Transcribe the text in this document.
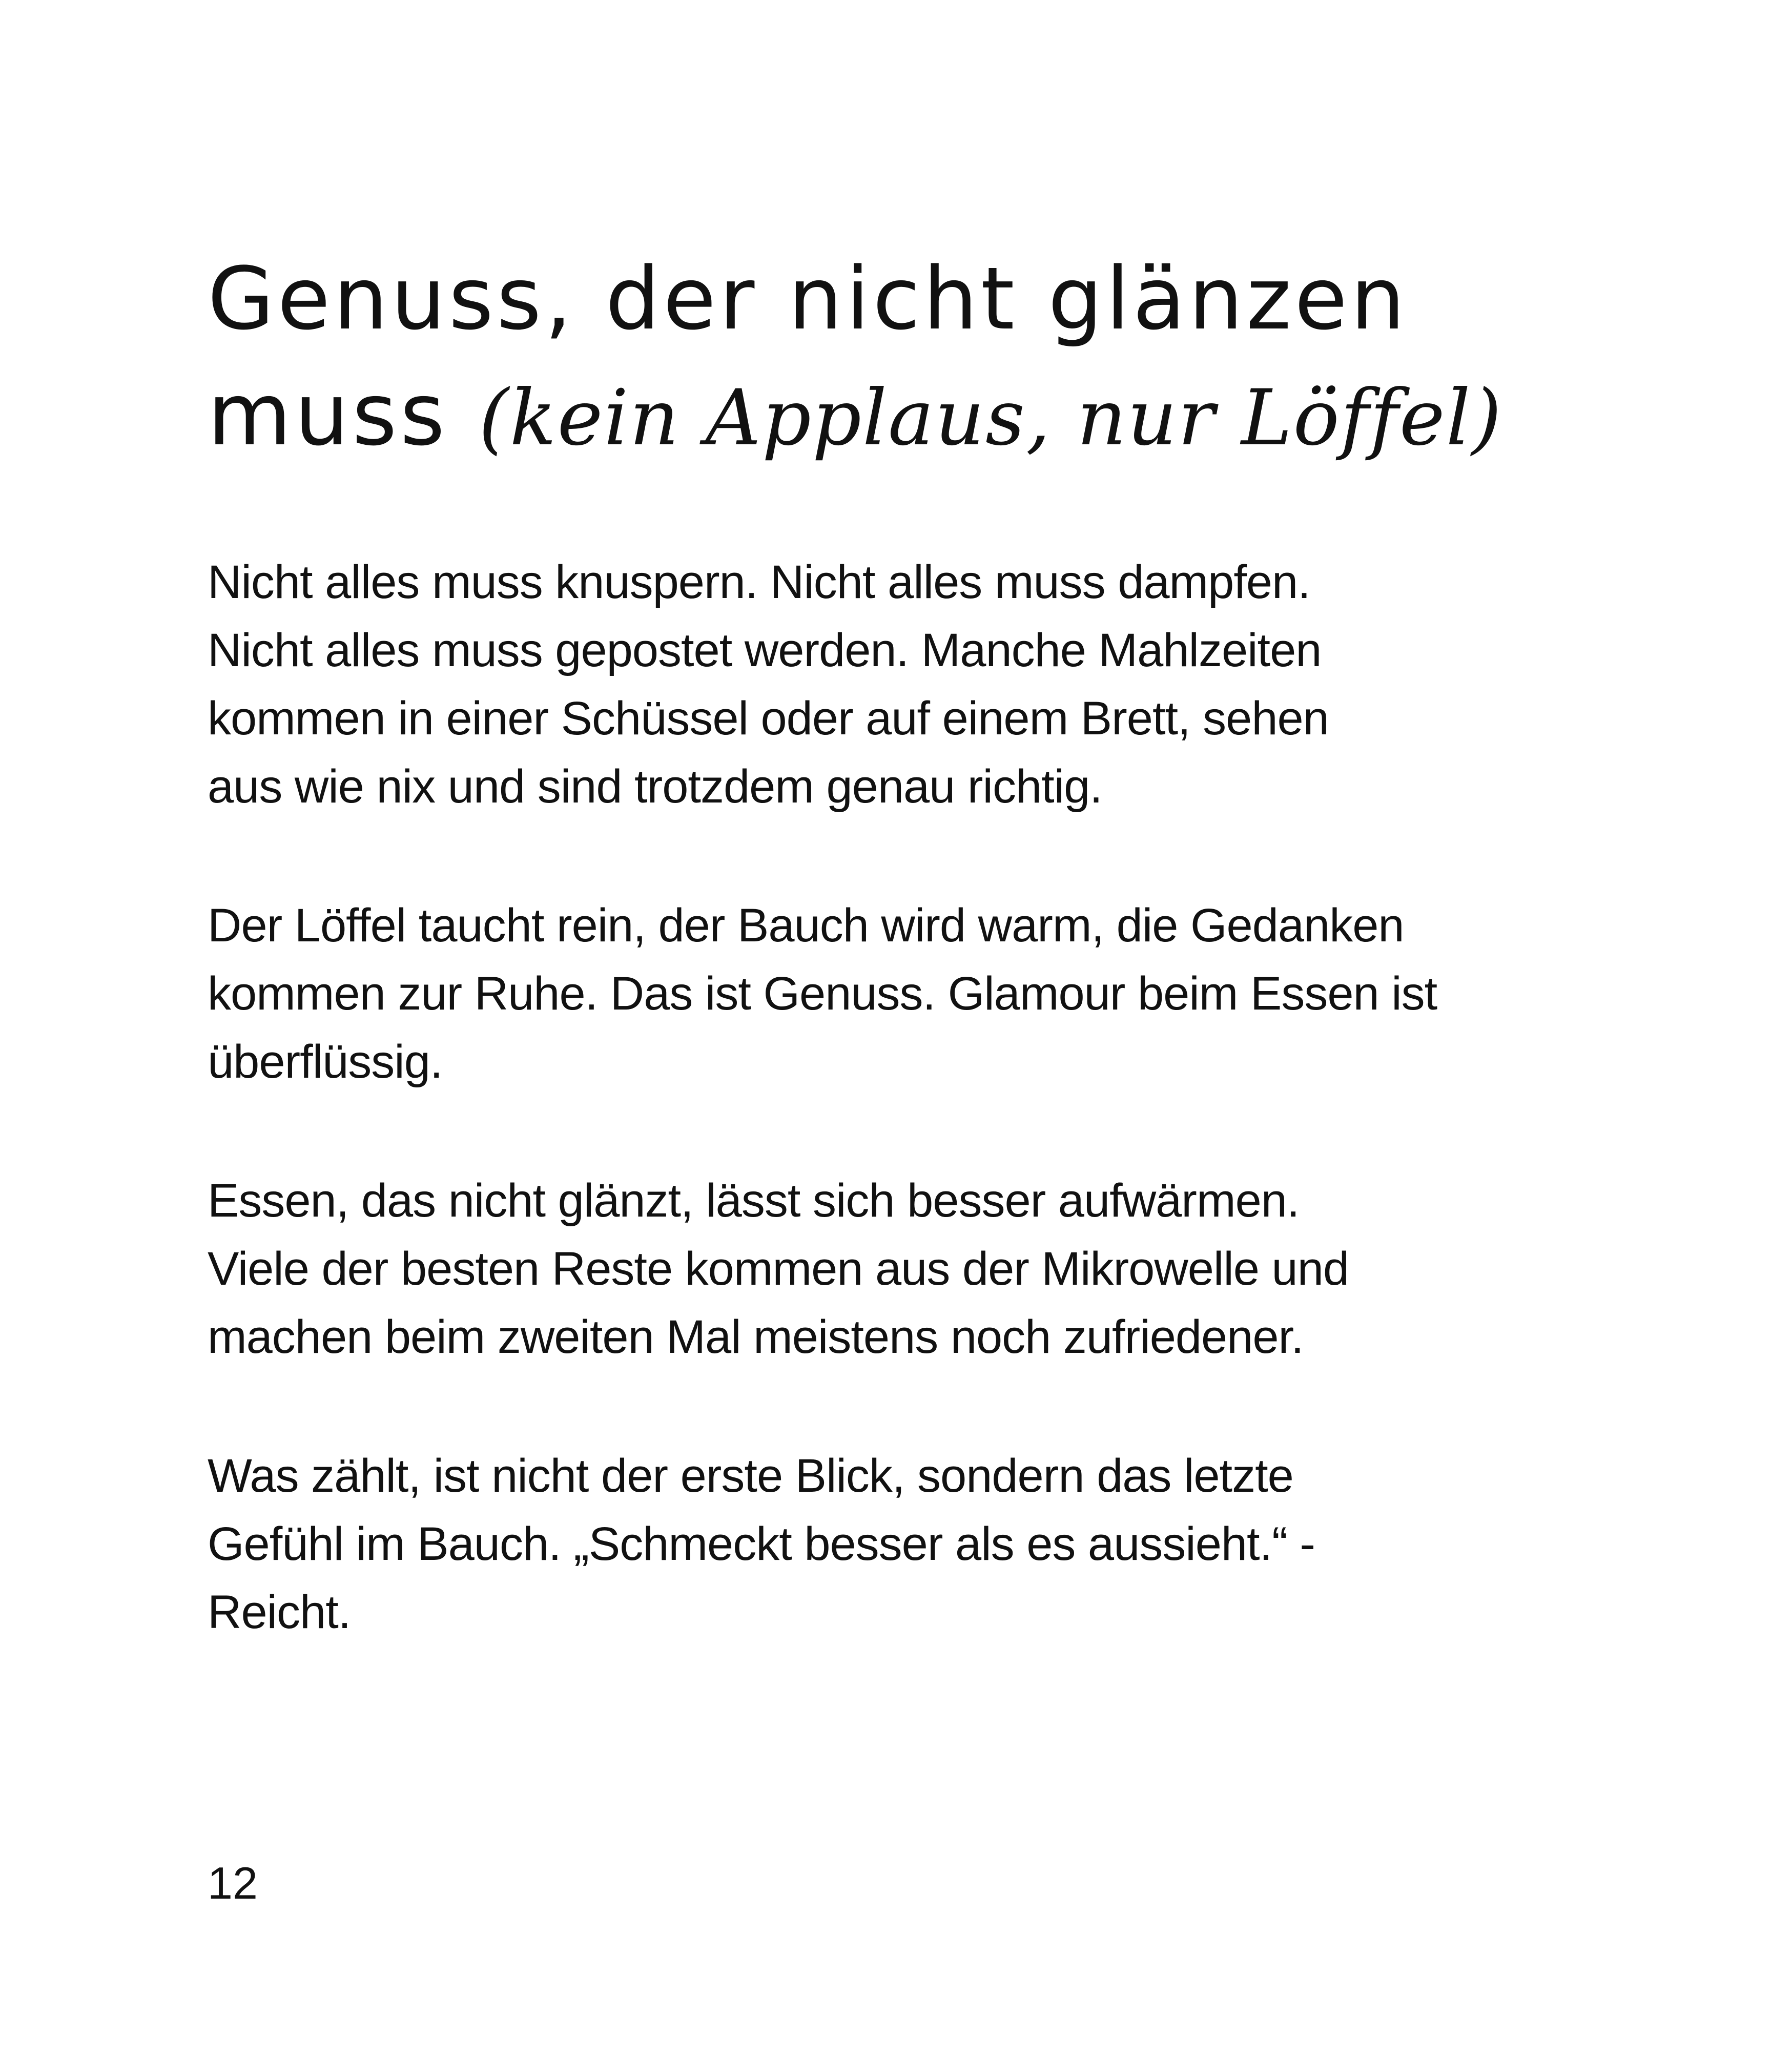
Genuss, der nicht glänzen
muss (kein Applaus, nur Löffel)

Nicht alles muss knuspern. Nicht alles muss dampfen.
Nicht alles muss gepostet werden. Manche Mahlzeiten
kommen in einer Schüssel oder auf einem Brett, sehen
aus wie nix und sind trotzdem genau richtig.

Der Löffel taucht rein, der Bauch wird warm, die Gedanken
kommen zur Ruhe. Das ist Genuss. Glamour beim Essen ist
überflüssig.

Essen, das nicht glänzt, lässt sich besser aufwärmen.
Viele der besten Reste kommen aus der Mikrowelle und
machen beim zweiten Mal meistens noch zufriedener.

Was zählt, ist nicht der erste Blick, sondern das letzte
Gefühl im Bauch. „Schmeckt besser als es aussieht.“ -
Reicht.

12
